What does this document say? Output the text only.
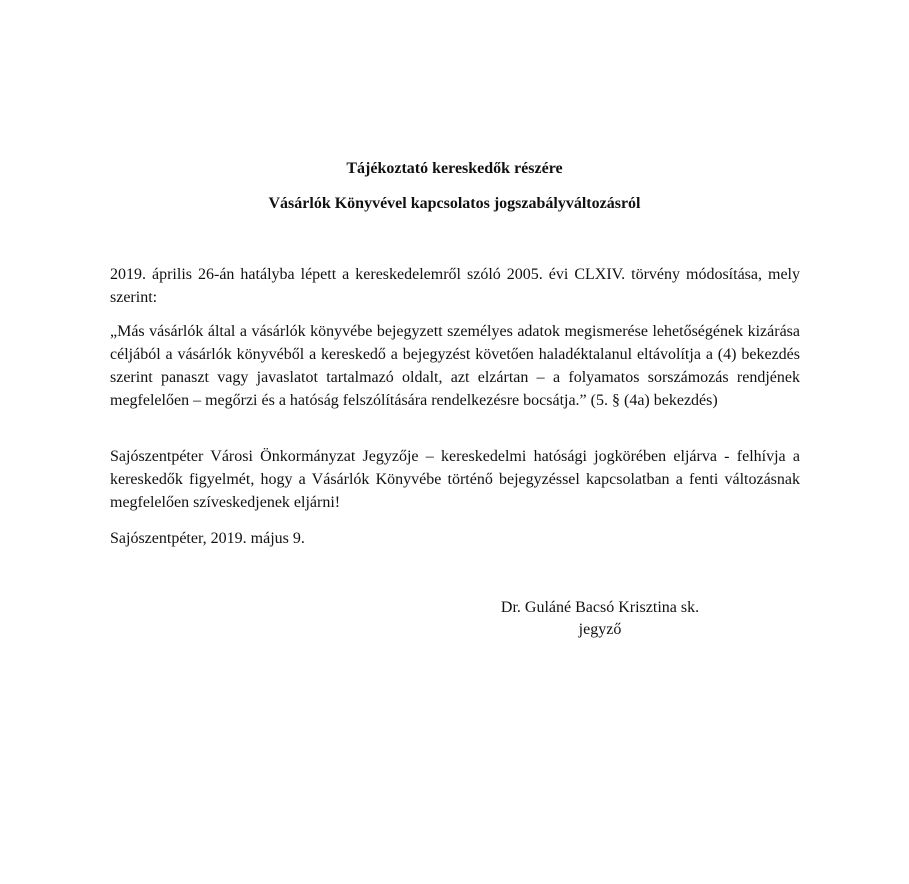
Tájékoztató kereskedők részére
Vásárlók Könyvével kapcsolatos jogszabályváltozásról

2019. április 26-án hatályba lépett a kereskedelemről szóló 2005. évi CLXIV. törvény módosítása, mely szerint:

„Más vásárlók által a vásárlók könyvébe bejegyzett személyes adatok megismerése lehetőségének kizárása céljából a vásárlók könyvéből a kereskedő a bejegyzést követően haladéktalanul eltávolítja a (4) bekezdés szerint panaszt vagy javaslatot tartalmazó oldalt, azt elzártan – a folyamatos sorszámozás rendjének megfelelően – megőrzi és a hatóság felszólítására rendelkezésre bocsátja.” (5. § (4a) bekezdés)

Sajószentpéter Városi Önkormányzat Jegyzője – kereskedelmi hatósági jogkörében eljárva - felhívja a kereskedők figyelmét, hogy a Vásárlók Könyvébe történő bejegyzéssel kapcsolatban a fenti változásnak megfelelően szíveskedjenek eljárni!

Sajószentpéter, 2019. május 9.

Dr. Guláné Bacsó Krisztina sk.

jegyző
